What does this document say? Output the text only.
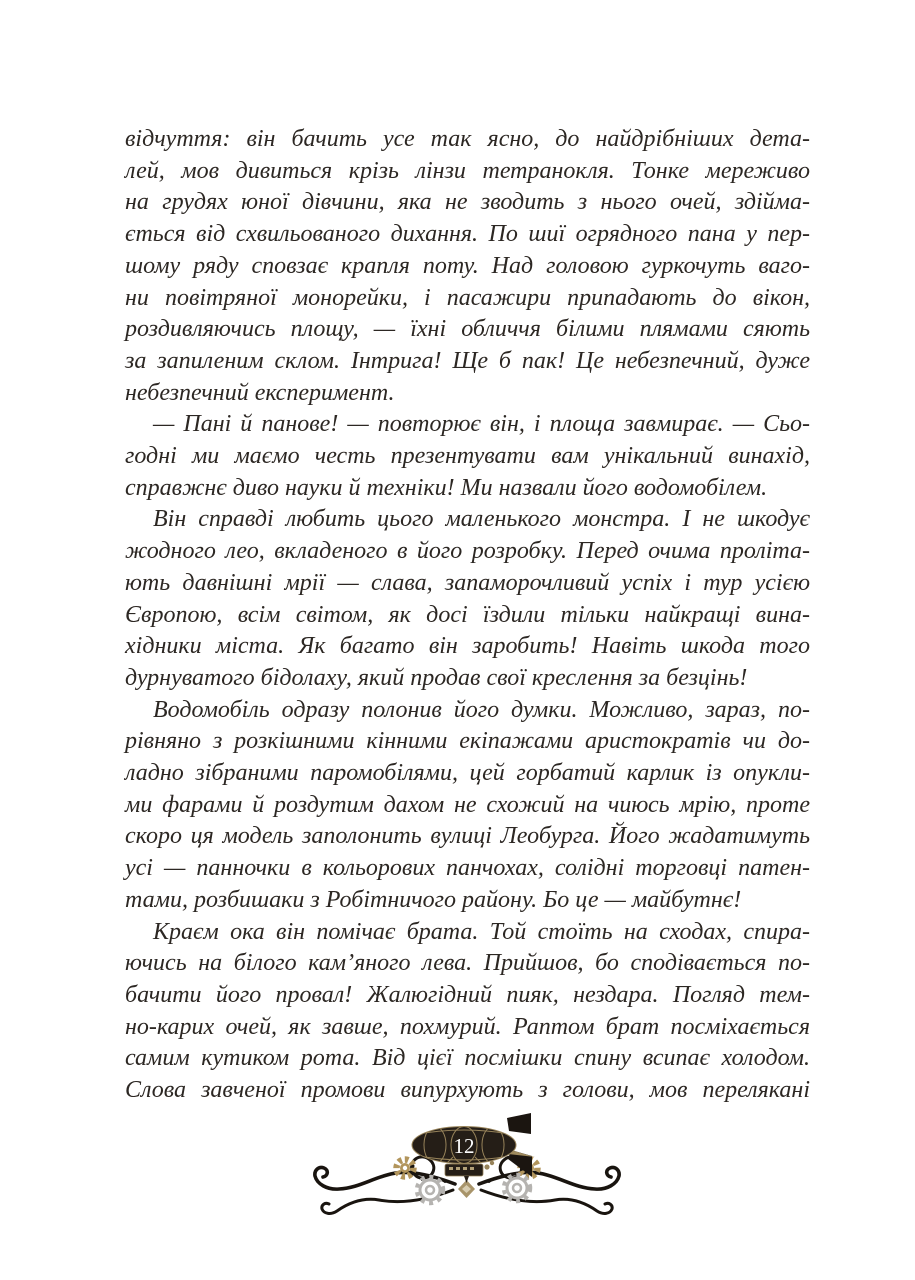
відчуття: він бачить усе так ясно, до найдрібніших дета-
лей, мов дивиться крізь лінзи тетранокля. Тонке мереживо
на грудях юної дівчини, яка не зводить з нього очей, здійма-
ється від схвильованого дихання. По шиї огрядного пана у пер-
шому ряду сповзає крапля поту. Над головою гуркочуть ваго-
ни повітряної монорейки, і пасажири припадають до вікон,
роздивляючись площу, — їхні обличчя білими плямами сяють
за запиленим склом. Інтрига! Ще б пак! Це небезпечний, дуже
небезпечний експеримент.
— Пані й панове! — повторює він, і площа завмирає. — Сьо-
годні ми маємо честь презентувати вам унікальний винахід,
справжнє диво науки й техніки! Ми назвали його водомобілем.
Він справді любить цього маленького монстра. І не шкодує
жодного лео, вкладеного в його розробку. Перед очима проліта-
ють давнішні мрії — слава, запаморочливий успіх і тур усією
Європою, всім світом, як досі їздили тільки найкращі вина-
хідники міста. Як багато він заробить! Навіть шкода того
дурнуватого бідолаху, який продав свої креслення за безцінь!
Водомобіль одразу полонив його думки. Можливо, зараз, по-
рівняно з розкішними кінними екіпажами аристократів чи до-
ладно зібраними паромобілями, цей горбатий карлик із опукли-
ми фарами й роздутим дахом не схожий на чиюсь мрію, проте
скоро ця модель заполонить вулиці Леобурга. Його жадатимуть
усі — панночки в кольорових панчохах, солідні торговці патен-
тами, розбишаки з Робітничого району. Бо це — майбутнє!
Краєм ока він помічає брата. Той стоїть на сходах, спира-
ючись на білого кам’яного лева. Прийшов, бо сподівається по-
бачити його провал! Жалюгідний пияк, нездара. Погляд тем-
но-карих очей, як завше, похмурий. Раптом брат посміхається
самим кутиком рота. Від цієї посмішки спину всипає холодом.
Слова завченої промови випурхують з голови, мов перелякані
12
